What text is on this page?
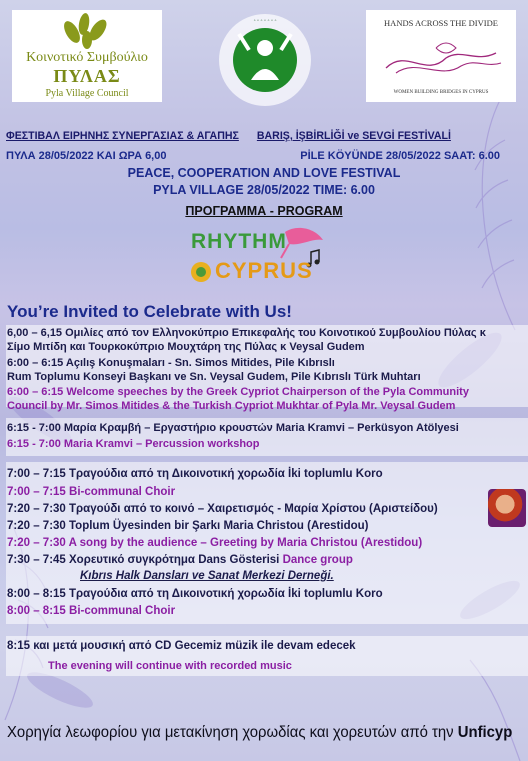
Κοινοτικό Συμβούλιο
ΠΥΛΑΣ
Pyla Village Council
◦ ◦ ◦ ◦ ◦ ◦ ◦	HANDS ACROSS THE DIVIDE
WOMEN BUILDING BRIDGES IN CYPRUS
ΦΕΣΤΙΒΑΛ ΕΙΡΗΝΗΣ ΣΥΝΕΡΓΑΣΙΑΣ & ΑΓΑΠΗΣ BARIŞ, İŞBİRLİĞİ ve SEVGİ FESTİVALİ
ΠΥΛΑ 28/05/2022 ΚΑΙ ΩΡΑ 6,00	PİLE KÖYÜNDE 28/05/2022 SAAT: 6.00
PEACE, COOPERATION AND LOVE FESTIVAL
PYLA VILLAGE 28/05/2022 TIME: 6.00
ΠΡΟΓΡΑΜΜΑ - PROGRAM
RHYTHM
CYPRUS
You’re Invited to Celebrate with Us!
6,00 – 6,15 Ομιλίες από τον Ελληνοκύπριο Επικεφαλής του Κοινοτικού Συμβουλίου Πύλας κ
Σίμο Μιτίδη και Τουρκοκύπριο Μουχτάρη της Πύλας κ Veysal Gudem
6:00 – 6:15 Açılış Konuşmaları - Sn. Simos Mitides, Pile Kıbrıslı
Rum Toplumu Konseyi Başkanı ve Sn. Veysal Gudem, Pile Kıbrıslı Türk Muhtarı
6:00 – 6:15 Welcome speeches by the Greek Cypriot Chairperson of the Pyla Community
Council by Mr. Simos Mitides & the Turkish Cypriot Mukhtar of Pyla Mr. Veysal Gudem
6:15 - 7:00 Μαρία Κραμβή – Εργαστήριο κρουστών Maria Kramvi – Perküsyon Atölyesi
6:15 - 7:00 Maria Kramvi – Percussion workshop
7:00 – 7:15 Τραγούδια από τη Δικοινοτική χορωδία İki toplumlu Koro
7:00 – 7:15 Bi-communal Choir
7:20 – 7:30 Τραγούδι από το κοινό – Χαιρετισμός - Μαρία Χρίστου (Αριστείδου)
7:20 – 7:30 Toplum Üyesinden bir Şarkı Maria Christou (Arestidou)
7:20 – 7:30 A song by the audience – Greeting by Maria Christou (Arestidou)
7:30 – 7:45 Χορευτικό συγκρότημα Dans Gösterisi Dance group
Kıbrıs Halk Dansları ve Sanat Merkezi Derneği.
8:00 – 8:15 Τραγούδια από τη Δικοινοτική χορωδία İki toplumlu Koro
8:00 – 8:15 Bi-communal Choir
8:15 και μετά μουσική από CD Gecemiz müzik ile devam edecek
The evening will continue with recorded music
Χορηγία λεωφορίου για μετακίνηση χορωδίας και χορευτών από την Unficyp
